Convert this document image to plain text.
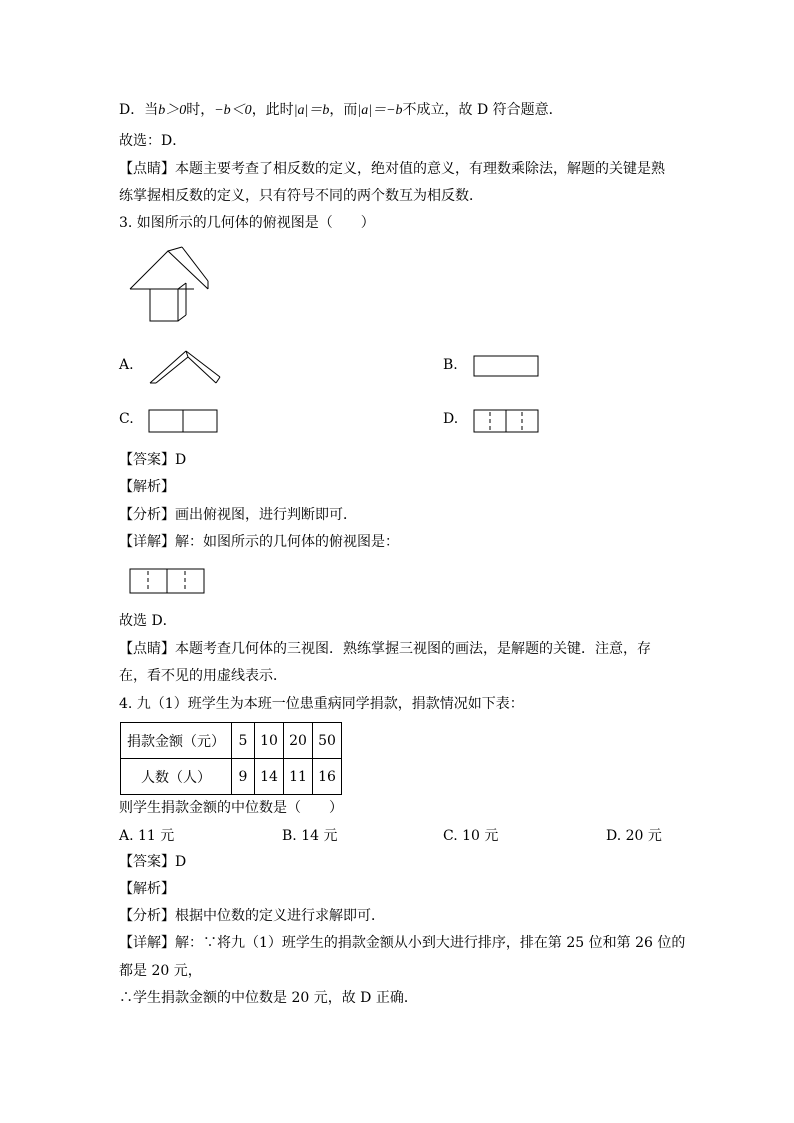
D．当b＞0时，−b＜0，此时|a|＝b，而|a|＝−b不成立，故 D 符合题意．
故选：D．
【点睛】本题主要考查了相反数的定义，绝对值的意义，有理数乘除法，解题的关键是熟
练掌握相反数的定义，只有符号不同的两个数互为相反数．
3. 如图所示的几何体的俯视图是（　　）
A.	B.
C.	D.
【答案】D
【解析】
【分析】画出俯视图，进行判断即可．
【详解】解：如图所示的几何体的俯视图是：
故选 D．
【点睛】本题考查几何体的三视图．熟练掌握三视图的画法，是解题的关键．注意，存
在，看不见的用虚线表示．
4. 九（1）班学生为本班一位患重病同学捐款，捐款情况如下表：
捐款金额（元）	5	10	20	50
人数（人）	9	14	11	16
则学生捐款金额的中位数是（　　）
A. 11 元	B. 14 元	C. 10 元	D. 20 元
【答案】D
【解析】
【分析】根据中位数的定义进行求解即可．
【详解】解：∵将九（1）班学生的捐款金额从小到大进行排序，排在第 25 位和第 26 位的
都是 20 元，
∴学生捐款金额的中位数是 20 元，故 D 正确．
